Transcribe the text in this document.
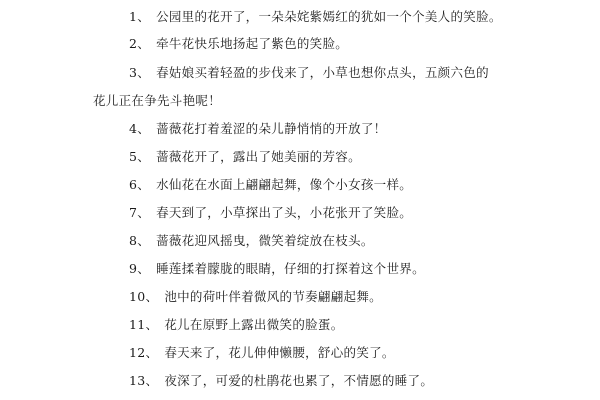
1、 公园里的花开了，一朵朵姹紫嫣红的犹如一个个美人的笑脸。
2、 牵牛花快乐地扬起了紫色的笑脸。
3、 春姑娘买着轻盈的步伐来了，小草也想你点头，五颜六色的
花儿正在争先斗艳呢！
4、 蔷薇花打着羞涩的朵儿静悄悄的开放了！
5、 蔷薇花开了，露出了她美丽的芳容。
6、 水仙花在水面上翩翩起舞，像个小女孩一样。
7、 春天到了，小草探出了头，小花张开了笑脸。
8、 蔷薇花迎风摇曳，微笑着绽放在枝头。
9、 睡莲揉着朦胧的眼睛，仔细的打探着这个世界。
10、 池中的荷叶伴着微风的节奏翩翩起舞。
11、 花儿在原野上露出微笑的脸蛋。
12、 春天来了，花儿伸伸懒腰，舒心的笑了。
13、 夜深了，可爱的杜鹃花也累了，不情愿的睡了。
